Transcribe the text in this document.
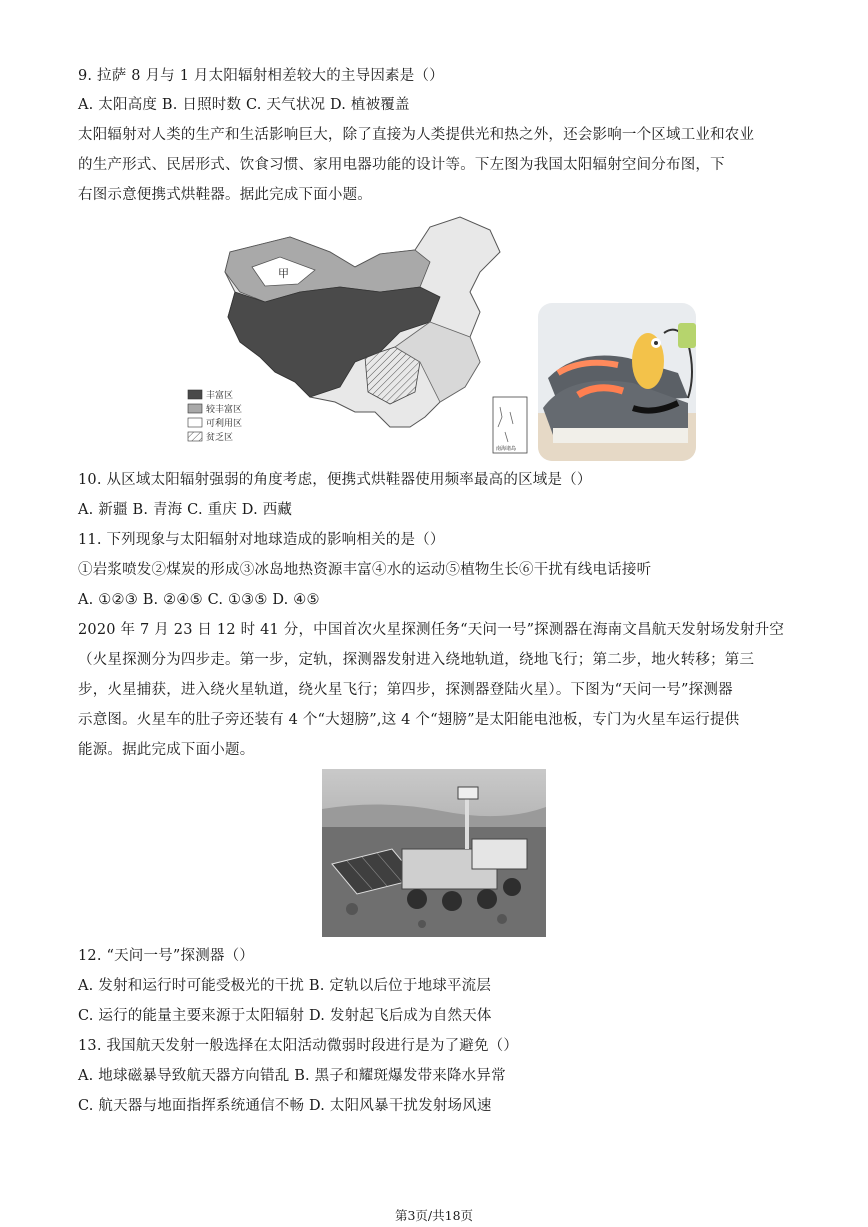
9. 拉萨 8 月与 1 月太阳辐射相差较大的主导因素是（）
A. 太阳高度 B. 日照时数 C. 天气状况 D. 植被覆盖
太阳辐射对人类的生产和生活影响巨大，除了直接为人类提供光和热之外，还会影响一个区域工业和农业
的生产形式、民居形式、饮食习惯、家用电器功能的设计等。下左图为我国太阳辐射空间分布图，下
右图示意便携式烘鞋器。据此完成下面小题。
甲
丰富区
较丰富区
可利用区
贫乏区
南海诸岛
10. 从区域太阳辐射强弱的角度考虑，便携式烘鞋器使用频率最高的区域是（）
A. 新疆 B. 青海 C. 重庆 D. 西藏
11. 下列现象与太阳辐射对地球造成的影响相关的是（）
①岩浆喷发②煤炭的形成③冰岛地热资源丰富④水的运动⑤植物生长⑥干扰有线电话接听
A. ①②③ B. ②④⑤ C. ①③⑤ D. ④⑤
2020 年 7 月 23 日 12 时 41 分，中国首次火星探测任务“天问一号”探测器在海南文昌航天发射场发射升空
（火星探测分为四步走。第一步，定轨，探测器发射进入绕地轨道，绕地飞行；第二步，地火转移；第三
步，火星捕获，进入绕火星轨道，绕火星飞行；第四步，探测器登陆火星）。下图为“天问一号”探测器
示意图。火星车的肚子旁还装有 4 个“大翅膀”,这 4 个“翅膀”是太阳能电池板，专门为火星车运行提供
能源。据此完成下面小题。
12. “天问一号”探测器（）
A. 发射和运行时可能受极光的干扰 B. 定轨以后位于地球平流层
C. 运行的能量主要来源于太阳辐射 D. 发射起飞后成为自然天体
13. 我国航天发射一般选择在太阳活动微弱时段进行是为了避免（）
A. 地球磁暴导致航天器方向错乱 B. 黑子和耀斑爆发带来降水异常
C. 航天器与地面指挥系统通信不畅 D. 太阳风暴干扰发射场风速
第3页/共18页
